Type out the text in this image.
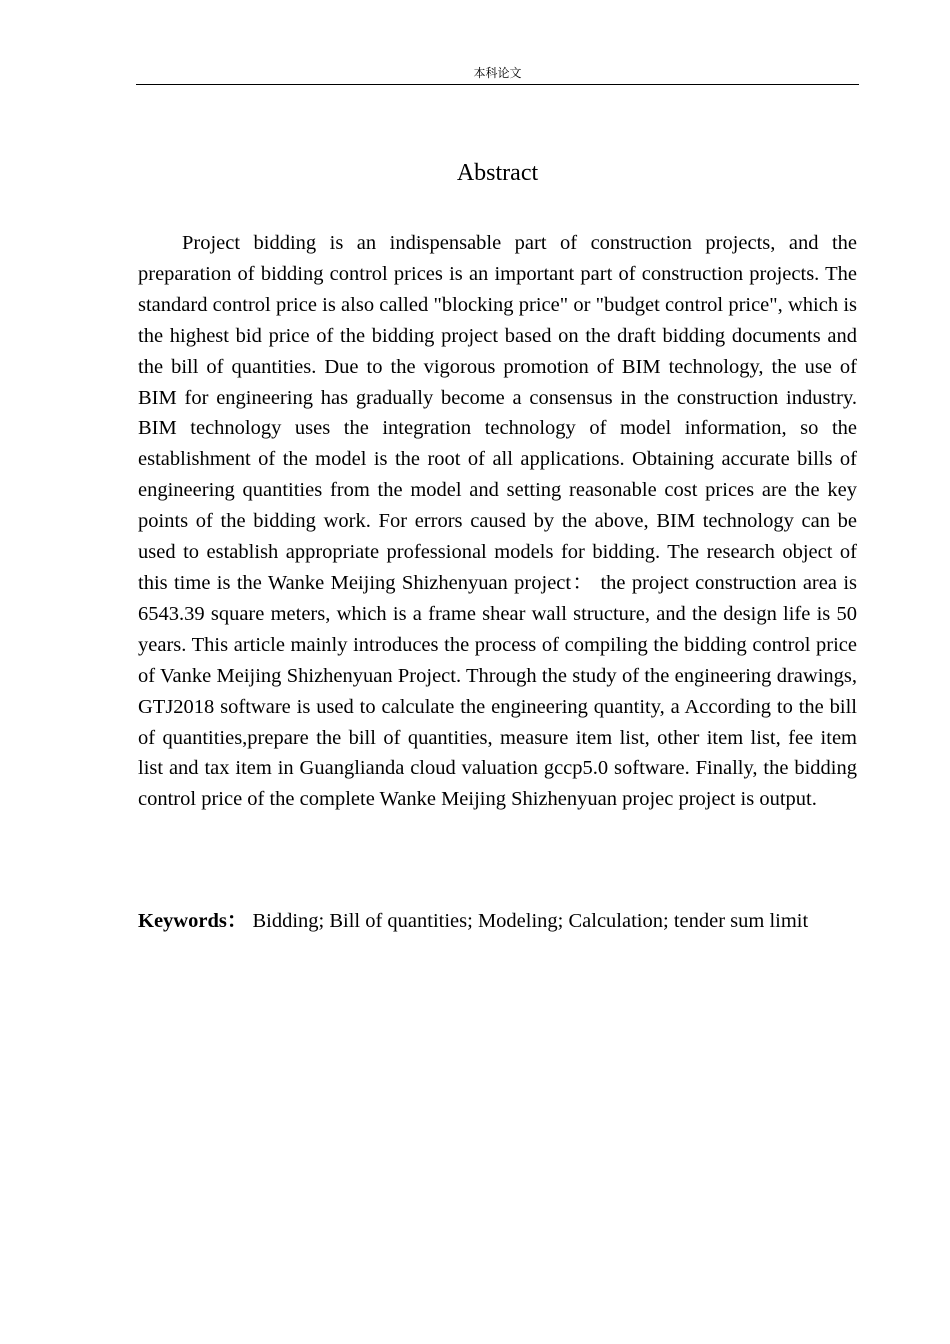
本科论文
Abstract

Project bidding is an indispensable part of construction projects, and the preparation of bidding control prices is an important part of construction projects. The standard control price is also called "blocking price" or "budget control price", which is the highest bid price of the bidding project based on the draft bidding documents and the bill of quantities. Due to the vigorous promotion of BIM technology, the use of BIM for engineering has gradually become a consensus in the construction industry. BIM technology uses the integration technology of model information, so the establishment of the model is the root of all applications. Obtaining accurate bills of engineering quantities from the model and setting reasonable cost prices are the key points of the bidding work. For errors caused by the above, BIM technology can be used to establish appropriate professional models for bidding. The research object of this time is the Wanke Meijing Shizhenyuan project： the project construction area is 6543.39 square meters, which is a frame shear wall structure, and the design life is 50 years. This article mainly introduces the process of compiling the bidding control price of Vanke Meijing Shizhenyuan Project. Through the study of the engineering drawings, GTJ2018 software is used to calculate the engineering quantity, a According to the bill of quantities,prepare the bill of quantities, measure item list, other item list, fee item list and tax item in Guanglianda cloud valuation gccp5.0 software. Finally, the bidding control price of the complete Wanke Meijing Shizhenyuan projec project is output.

Keywords： Bidding; Bill of quantities; Modeling; Calculation; tender sum limit
